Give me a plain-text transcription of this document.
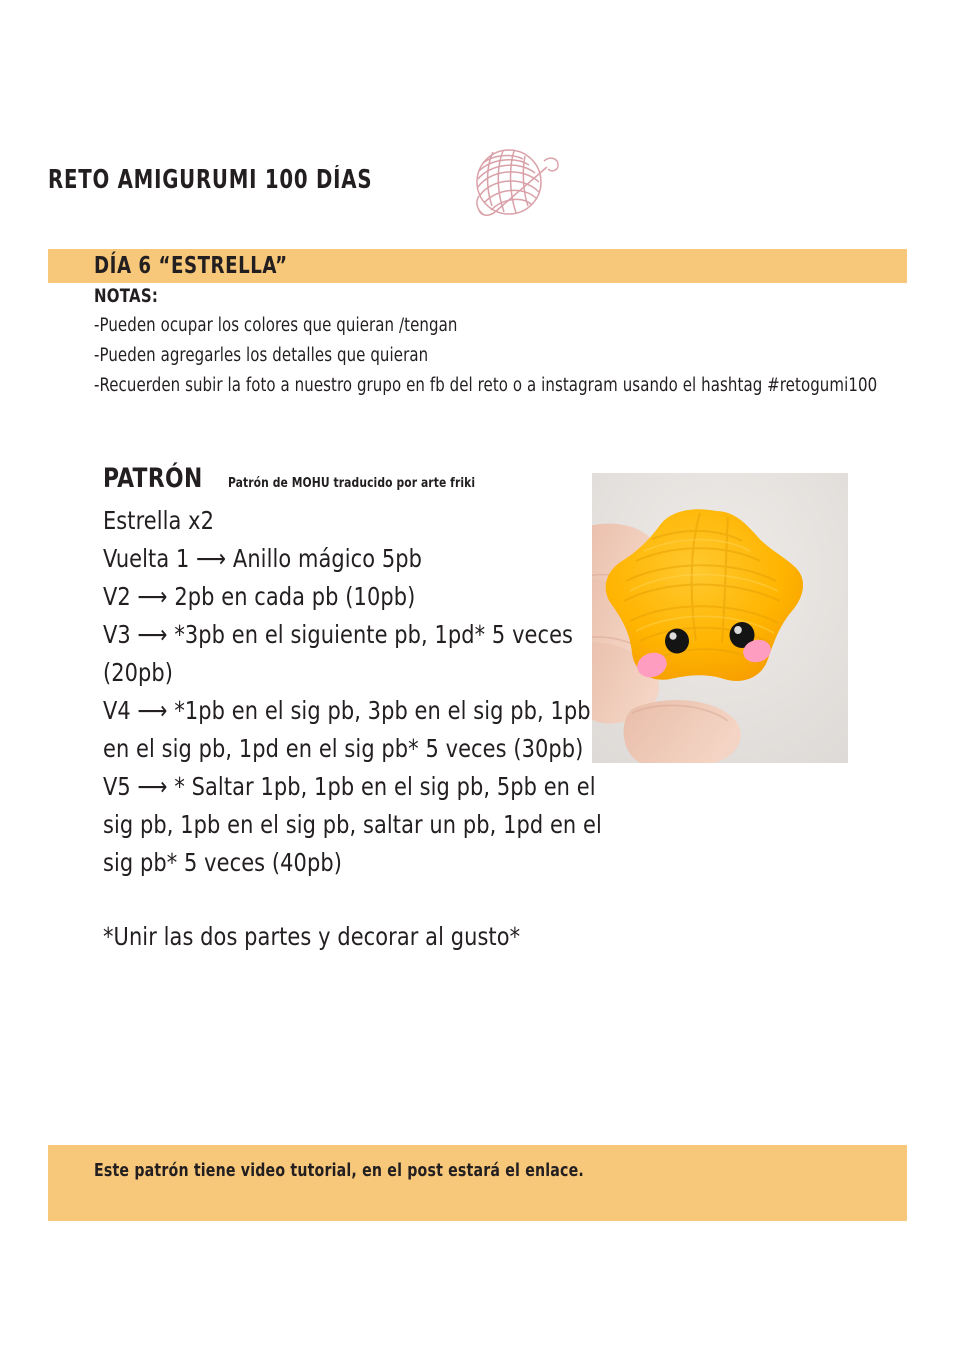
RETO AMIGURUMI 100 DÍAS
DÍA 6 “ESTRELLA”
NOTAS:
-Pueden ocupar los colores que quieran /tengan
-Pueden agregarles los detalles que quieran
-Recuerden subir la foto a nuestro grupo en fb del reto o a instagram usando el hashtag #retogumi100
PATRÓN Patrón de MOHU traducido por arte friki
Estrella x2
Vuelta 1 ⟶ Anillo mágico 5pb
V2 ⟶ 2pb en cada pb (10pb)
V3 ⟶ *3pb en el siguiente pb, 1pd* 5 veces (20pb)
V4 ⟶ *1pb en el sig pb, 3pb en el sig pb, 1pb en el sig pb, 1pd en el sig pb* 5 veces (30pb)
V5 ⟶ * Saltar 1pb, 1pb en el sig pb, 5pb en el sig pb, 1pb en el sig pb, saltar un pb, 1pd en el sig pb* 5 veces (40pb)
*Unir las dos partes y decorar al gusto*
Este patrón tiene video tutorial, en el post estará el enlace.
